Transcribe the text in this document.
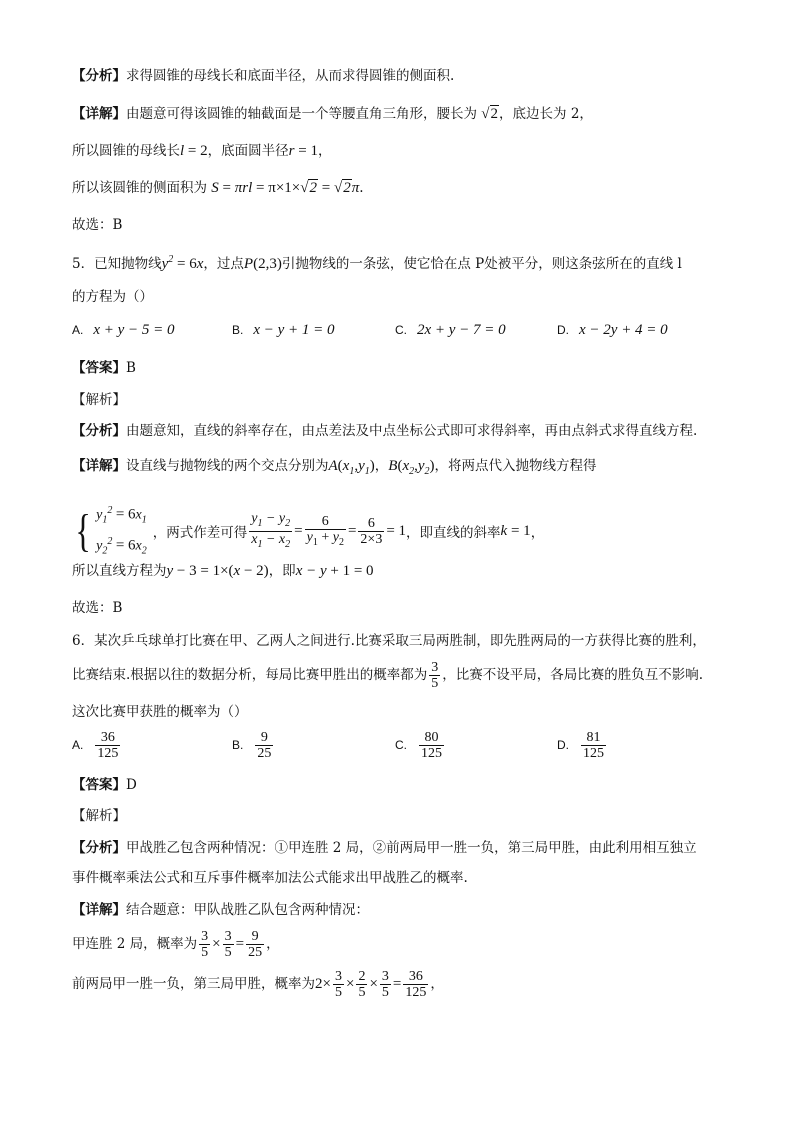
【分析】求得圆锥的母线长和底面半径，从而求得圆锥的侧面积.
【详解】由题意可得该圆锥的轴截面是一个等腰直角三角形，腰长为 √2，底边长为 2，
所以圆锥的母线长l = 2，底面圆半径r = 1，
所以该圆锥的侧面积为 S = πrl = π×1×√2 = √2π.
故选：B
5．已知抛物线$y^2 = 6x$，过点P(2,3)引抛物线的一条弦，使它恰在点 P处被平分，则这条弦所在的直线 l
的方程为（）
A. x + y − 5 = 0	B. x − y + 1 = 0	C. 2x + y − 7 = 0	D. x − 2y + 4 = 0
【答案】B
【解析】
【分析】由题意知，直线的斜率存在，由点差法及中点坐标公式即可求得斜率，再由点斜式求得直线方程.
【详解】设直线与抛物线的两个交点分别为$A(x_1,y_1)$，$B(x_2,y_2)$，将两点代入抛物线方程得
{ $y_1^2 = 6x_1$
$y_2^2 = 6x_2$
，两式作差可得 $\frac{y_1 - y_2}{x_1 - x_2} = \frac{6}{y_1 + y_2} = \frac{6}{2\times 3} = 1$ ，即直线的斜率 k = 1 ，
所以直线方程为y − 3 = 1×(x − 2)，即x − y + 1 = 0
故选：B
6．某次乒乓球单打比赛在甲、乙两人之间进行.比赛采取三局两胜制，即先胜两局的一方获得比赛的胜利，
比赛结束.根据以往的数据分析，每局比赛甲胜出的概率都为 $\frac{3}{5}$ ，比赛不设平局，各局比赛的胜负互不影响.
这次比赛甲获胜的概率为（）
A. $\frac{36}{125}$	B. $\frac{9}{25}$	C. $\frac{80}{125}$	D. $\frac{81}{125}$
【答案】D
【解析】
【分析】甲战胜乙包含两种情况：①甲连胜 2 局，②前两局甲一胜一负，第三局甲胜，由此利用相互独立
事件概率乘法公式和互斥事件概率加法公式能求出甲战胜乙的概率.
【详解】结合题意：甲队战胜乙队包含两种情况：
甲连胜 2 局，概率为 $\frac{3}{5} \times \frac{3}{5} = \frac{9}{25}$ ，
前两局甲一胜一负，第三局甲胜，概率为$2\times \frac{3}{5} \times \frac{2}{5} \times \frac{3}{5} = \frac{36}{125}$ ，
